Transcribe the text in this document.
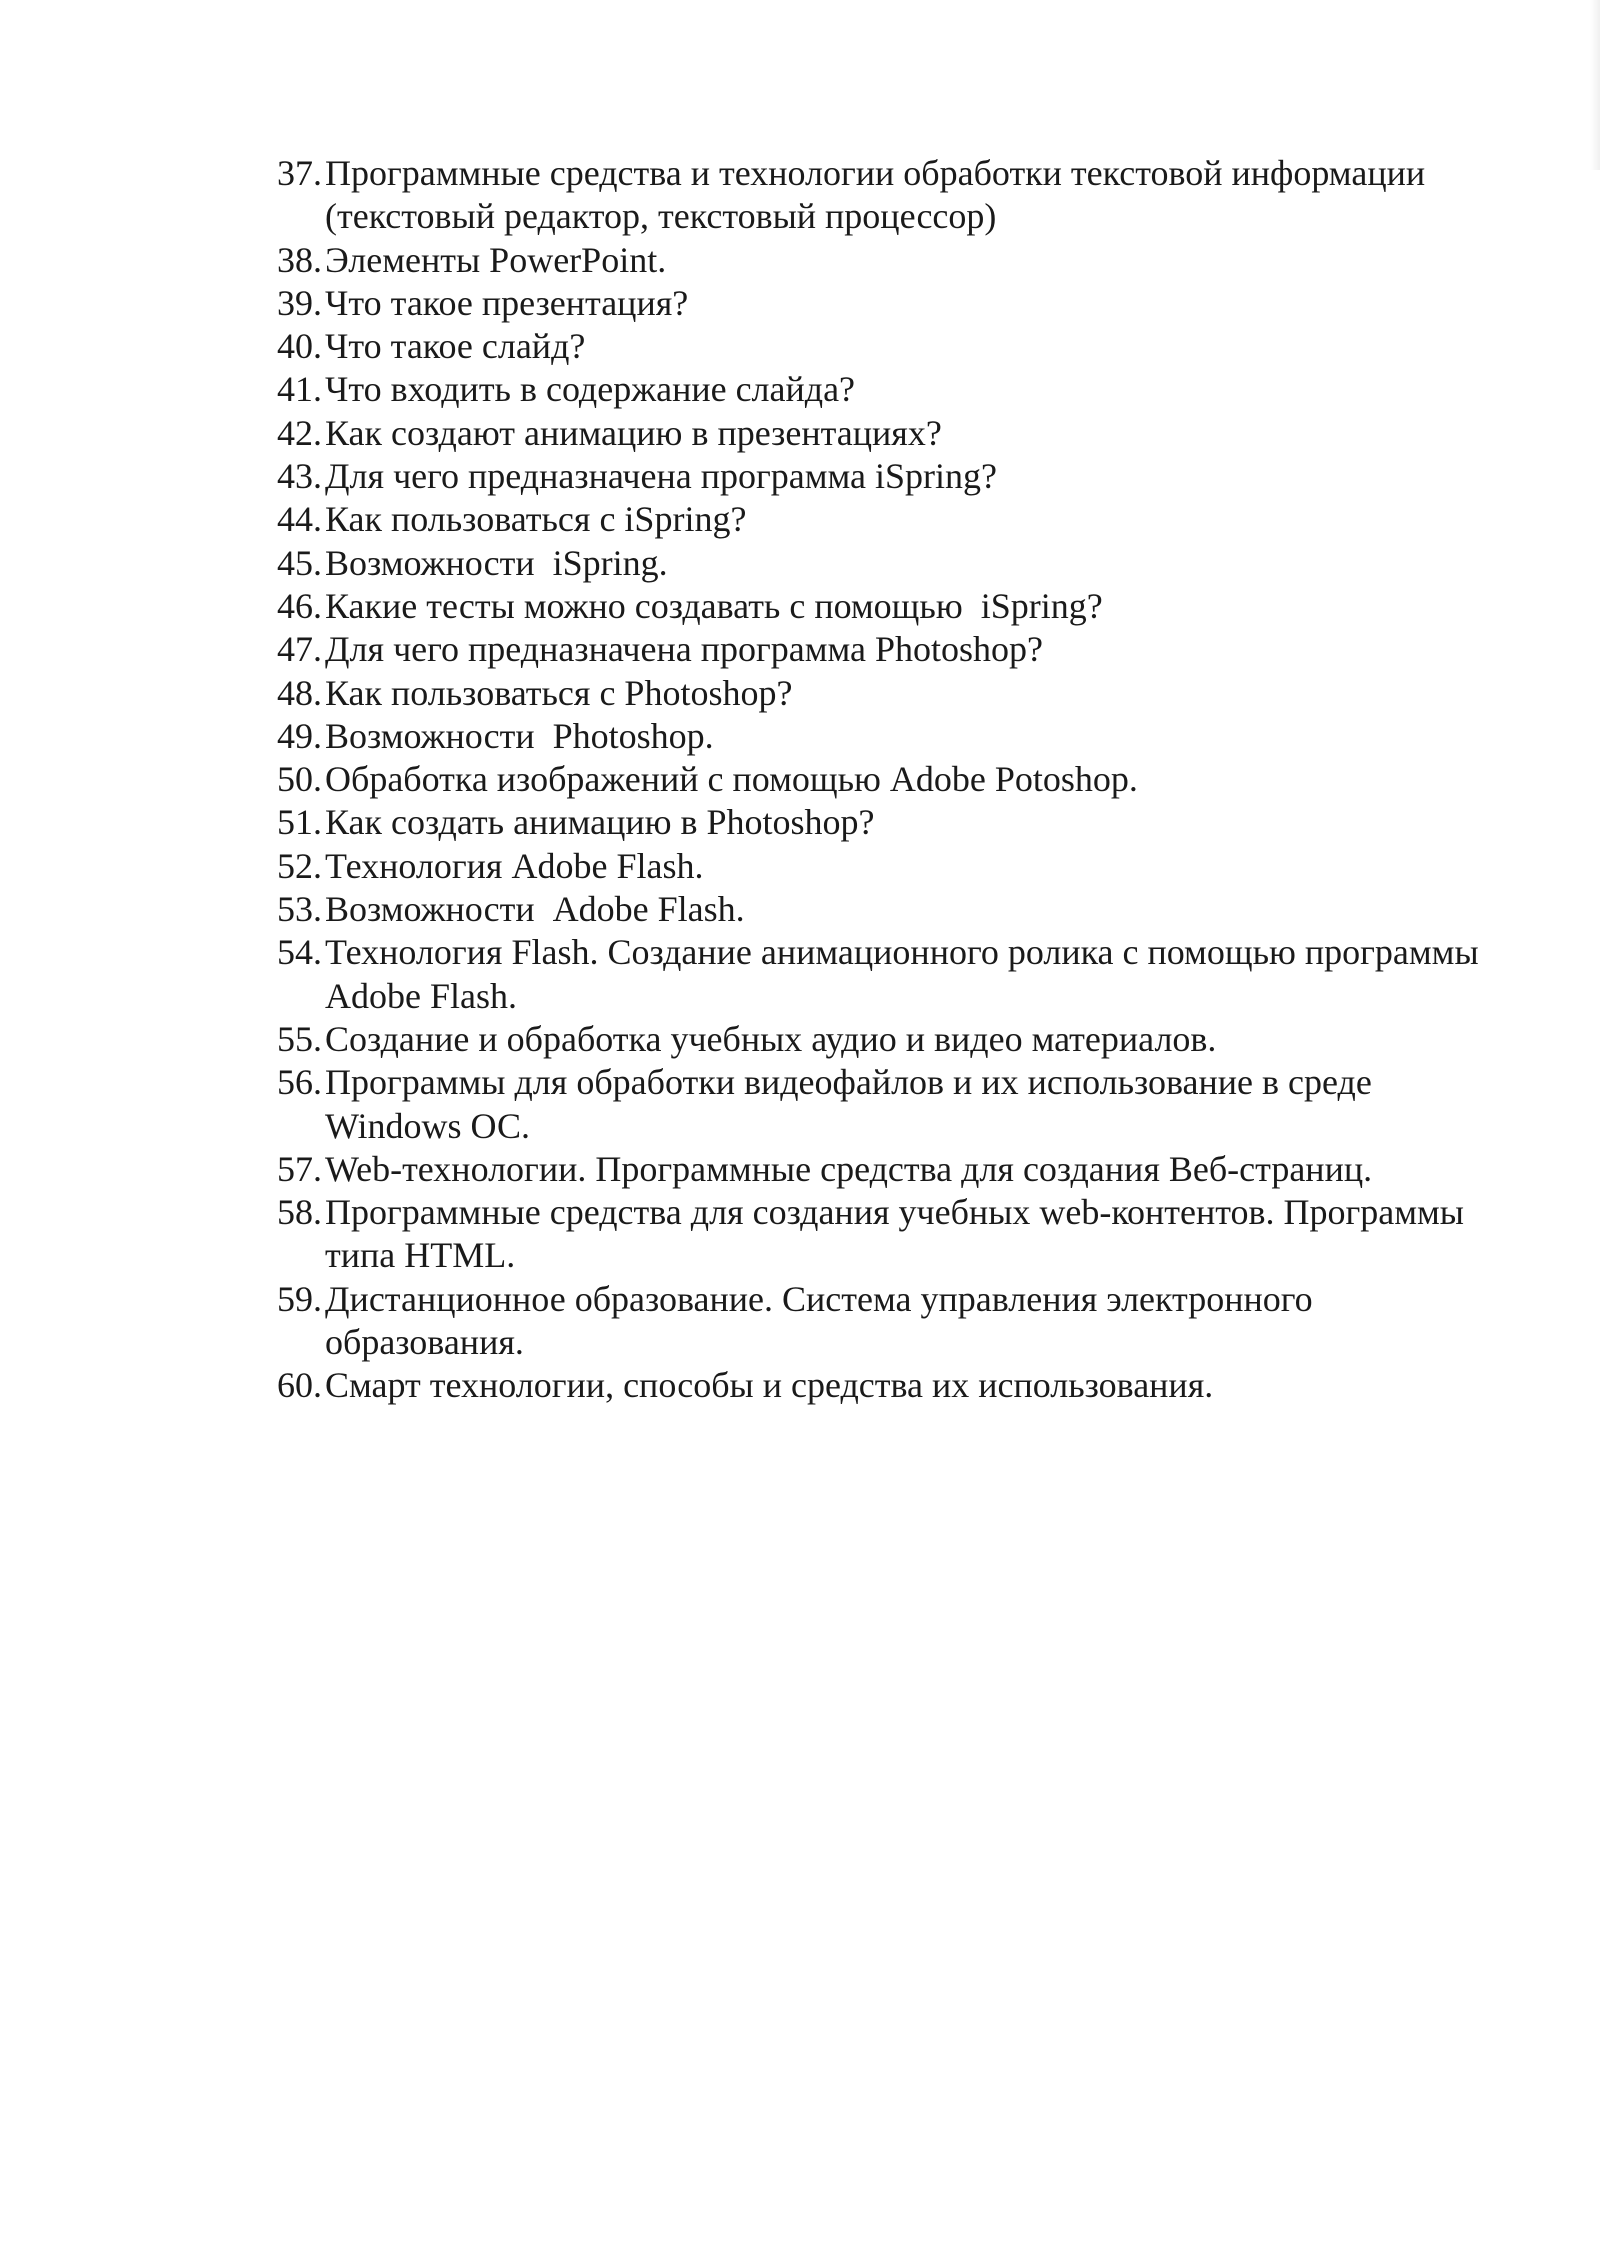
37. Программные средства и технологии обработки текстовой информации (текстовый редактор, текстовый процессор)
38. Элементы PowerPoint.
39. Что такое презентация?
40. Что такое слайд?
41. Что входить в содержание слайда?
42. Как создают анимацию в презентациях?
43. Для чего предназначена программа iSpring?
44. Как пользоваться с iSpring?
45. Возможности  iSpring.
46. Какие тесты можно создавать с помощью  iSpring?
47. Для чего предназначена программа Photoshop?
48. Как пользоваться с Photoshop?
49. Возможности  Photoshop.
50. Обработка изображений с помощью Adobe Potoshop.
51. Как создать анимацию в Photoshop?
52. Технология Adobe Flash.
53. Возможности  Adobe Flash.
54. Технология Flash. Создание анимационного ролика с помощью программы Adobe Flash.
55. Создание и обработка учебных аудио и видео материалов.
56. Программы для обработки видеофайлов и их использование в среде Windows ОС.
57. Web-технологии. Программные средства для создания Веб-страниц.
58. Программные средства для создания учебных web-контентов. Программы типа HTML.
59. Дистанционное образование. Система управления электронного образования.
60. Смарт технологии, способы и средства их использования.
